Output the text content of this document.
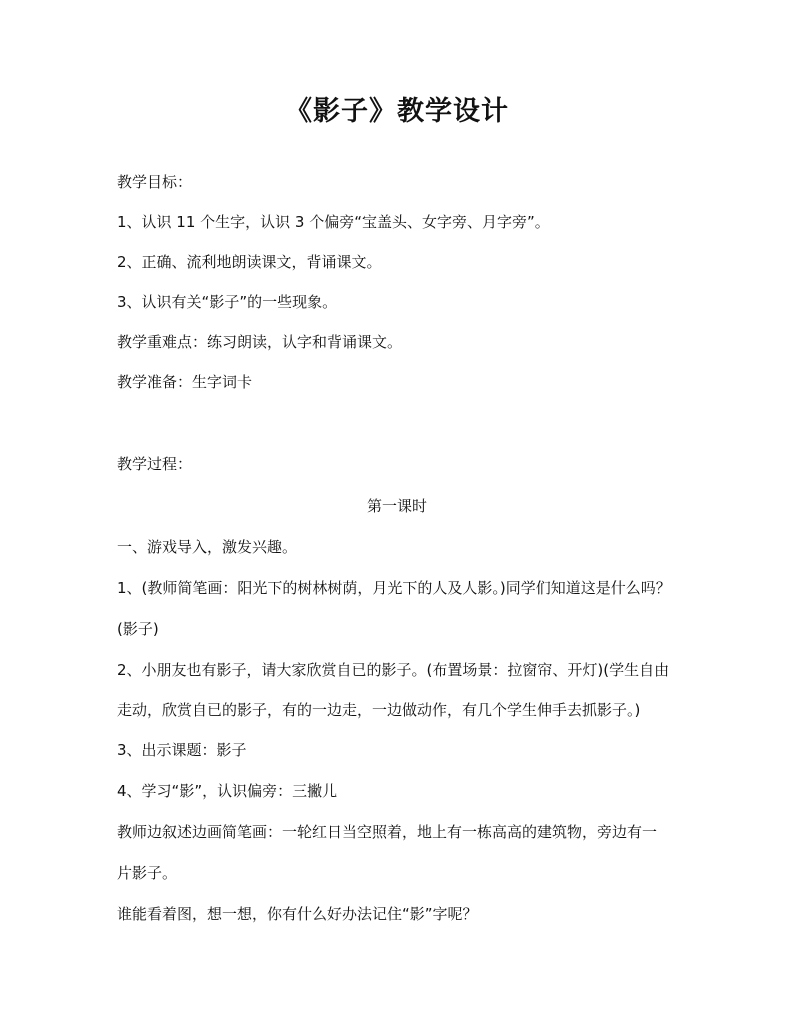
《影子》教学设计
教学目标：
1、认识 11 个生字，认识 3 个偏旁“宝盖头、女字旁、月字旁”。
2、正确、流利地朗读课文，背诵课文。
3、认识有关“影子”的一些现象。
教学重难点：练习朗读，认字和背诵课文。
教学准备：生字词卡
教学过程：
第一课时
一、游戏导入，激发兴趣。
1、(教师简笔画：阳光下的树林树荫，月光下的人及人影。)同学们知道这是什么吗？
(影子)
2、小朋友也有影子，请大家欣赏自已的影子。(布置场景：拉窗帘、开灯)(学生自由
走动，欣赏自已的影子，有的一边走，一边做动作，有几个学生伸手去抓影子。)
3、出示课题：影子
4、学习“影”，认识偏旁：三撇儿
教师边叙述边画简笔画：一轮红日当空照着，地上有一栋高高的建筑物，旁边有一
片影子。
谁能看着图，想一想，你有什么好办法记住“影”字呢？
